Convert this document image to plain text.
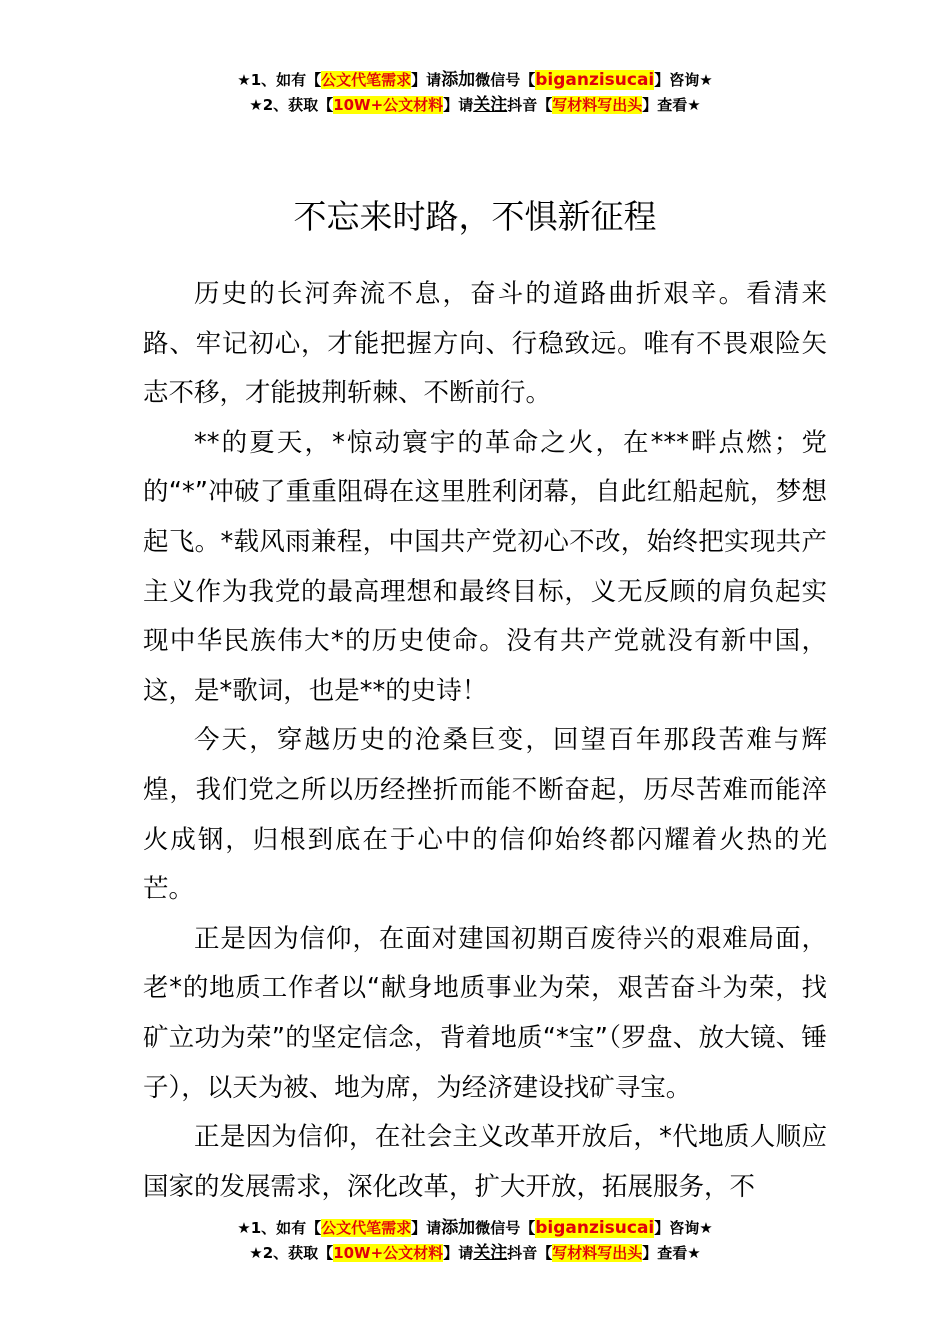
★1、如有【公文代笔需求】请添加微信号【biganzisucai】咨询★
★2、获取【10W+公文材料】请关注抖音【写材料写出头】查看★
不忘来时路，不惧新征程

历史的长河奔流不息，奋斗的道路曲折艰辛。看清来路、牢记初心，才能把握方向、行稳致远。唯有不畏艰险矢志不移，才能披荆斩棘、不断前行。

**的夏天，*惊动寰宇的革命之火，在***畔点燃；党的“*”冲破了重重阻碍在这里胜利闭幕，自此红船起航，梦想起飞。*载风雨兼程，中国共产党初心不改，始终把实现共产主义作为我党的最高理想和最终目标，义无反顾的肩负起实现中华民族伟大*的历史使命。没有共产党就没有新中国，这，是*歌词，也是**的史诗！

今天，穿越历史的沧桑巨变，回望百年那段苦难与辉煌，我们党之所以历经挫折而能不断奋起，历尽苦难而能淬火成钢，归根到底在于心中的信仰始终都闪耀着火热的光芒。

正是因为信仰，在面对建国初期百废待兴的艰难局面，老*的地质工作者以“献身地质事业为荣，艰苦奋斗为荣，找矿立功为荣”的坚定信念，背着地质“*宝”（罗盘、放大镜、锤子），以天为被、地为席，为经济建设找矿寻宝。

正是因为信仰，在社会主义改革开放后，*代地质人顺应国家的发展需求，深化改革，扩大开放，拓展服务，不

★1、如有【公文代笔需求】请添加微信号【biganzisucai】咨询★
★2、获取【10W+公文材料】请关注抖音【写材料写出头】查看★
